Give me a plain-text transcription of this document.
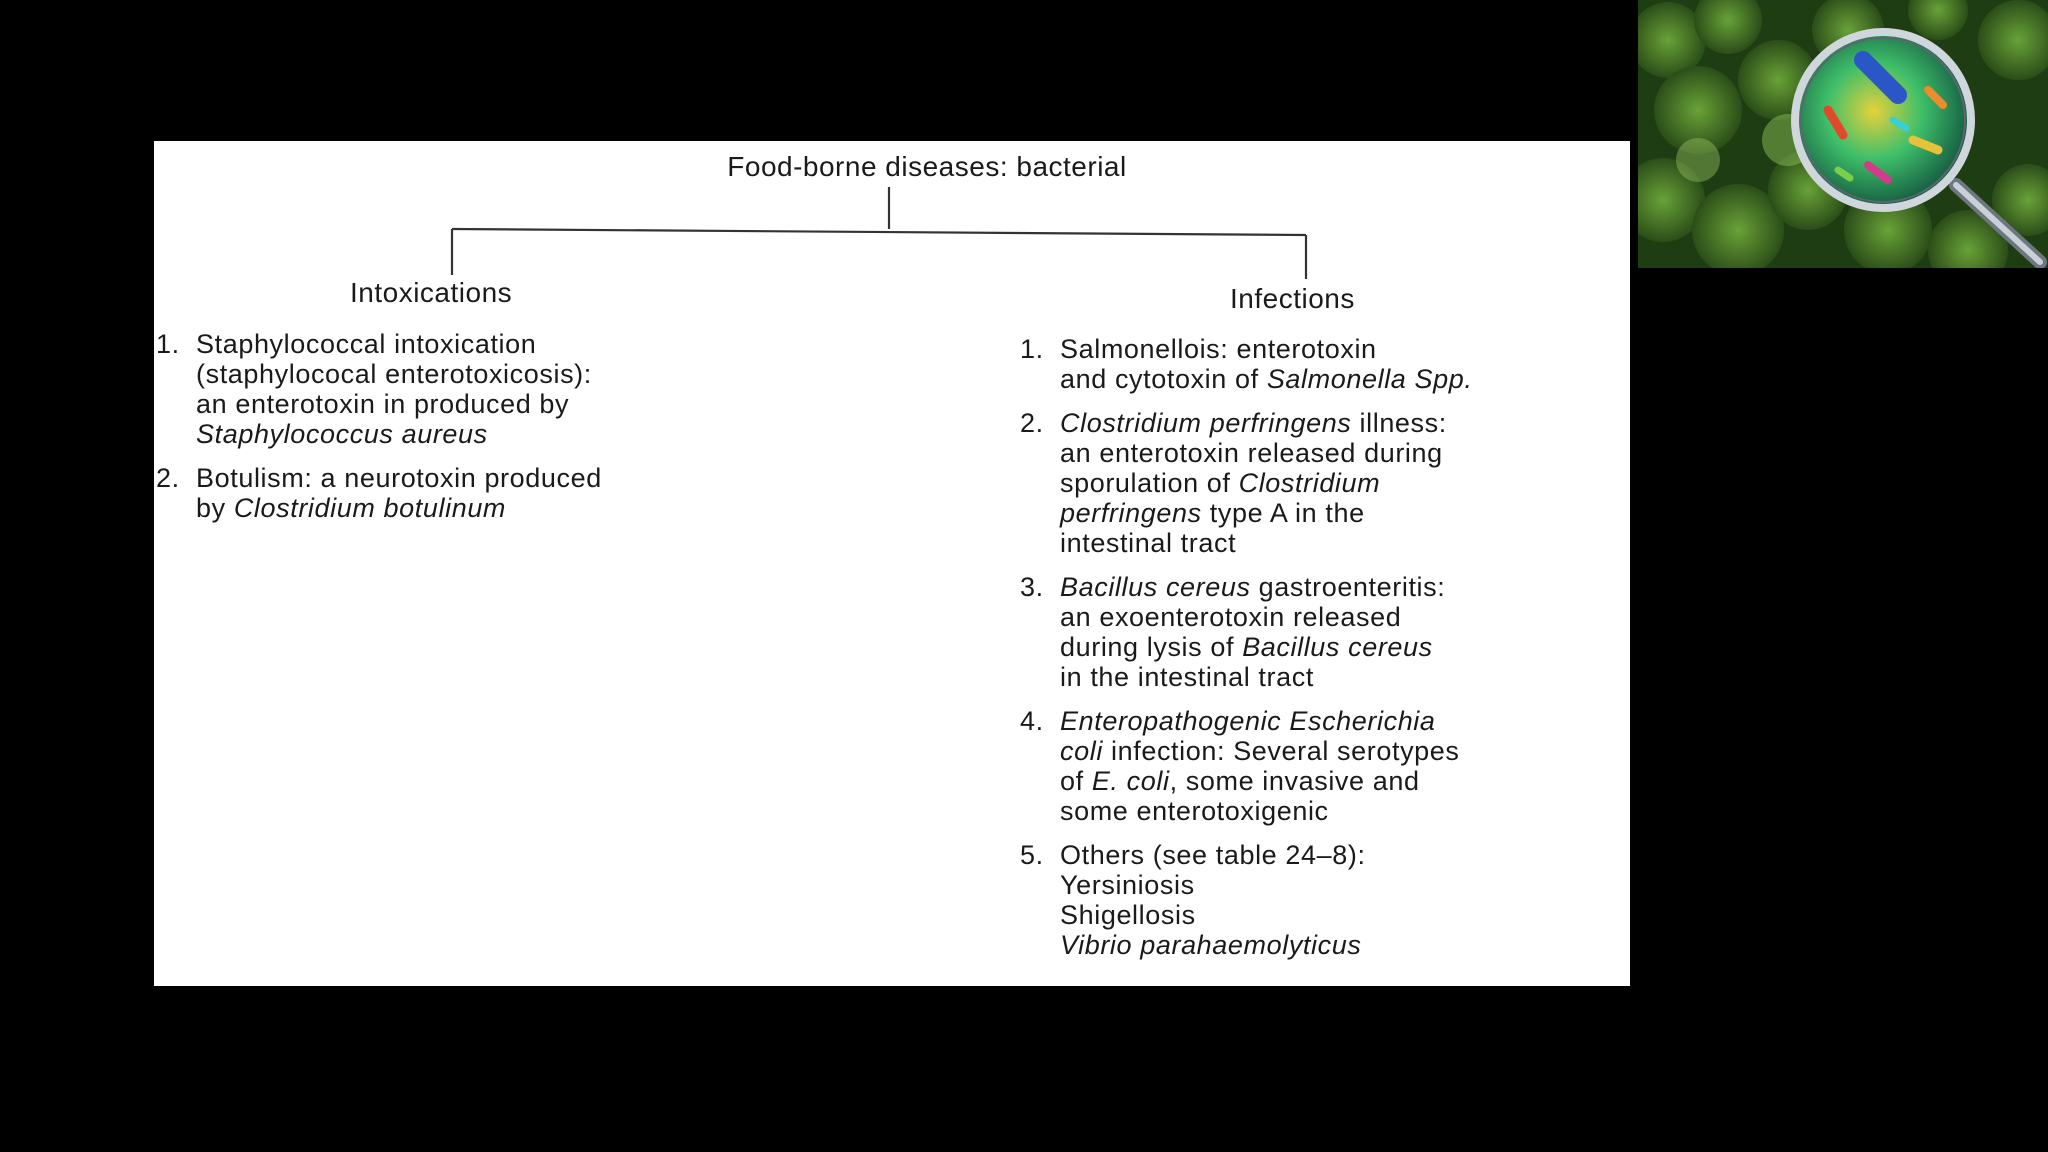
Food-borne diseases: bacterial
Intoxications	Infections
1. Staphylococcal intoxication
(staphylococal enterotoxicosis):
an enterotoxin in produced by
Staphylococcus aureus
2. Botulism: a neurotoxin produced
by Clostridium botulinum
1. Salmonellois: enterotoxin
and cytotoxin of Salmonella Spp.
2. Clostridium perfringens illness:
an enterotoxin released during
sporulation of Clostridium
perfringens type A in the
intestinal tract
3. Bacillus cereus gastroenteritis:
an exoenterotoxin released
during lysis of Bacillus cereus
in the intestinal tract
4. Enteropathogenic Escherichia
coli infection: Several serotypes
of E. coli, some invasive and
some enterotoxigenic
5. Others (see table 24–8):
Yersiniosis
Shigellosis
Vibrio parahaemolyticus
